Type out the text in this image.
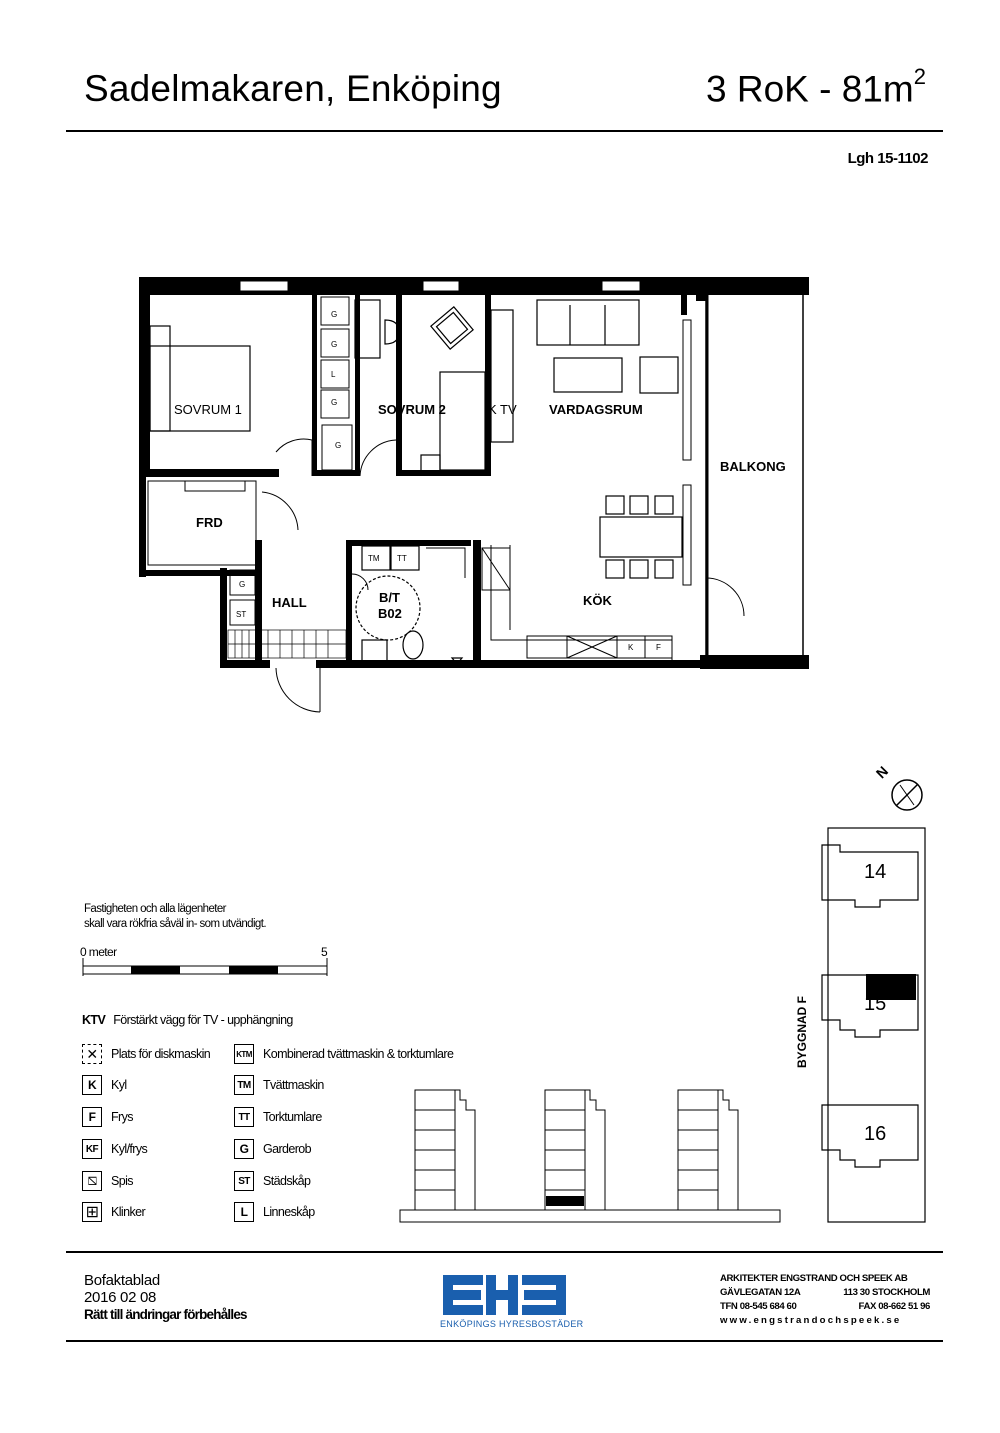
Sadelmakaren, Enköping	3 RoK - $81m^2$
Lgh 15-1102
SOVRUM 1	SOVRUM 2	K TV VARDAGSRUM
BALKONG
FRD
HALL	B/T
B02
KÖK
G
G
L
G
G
G
ST
TM TT
K	F
N
14
15
16
BYGGNAD F
Fastigheten och alla lägenheter
skall vara rökfria såväl in- som utvändigt.
0 meter	5
KTV Förstärkt vägg för TV - upphängning
✕	Plats för diskmaskin	KTM Kombinerad tvättmaskin & torktumlare
K	Kyl	TM Tvättmaskin
F	Frys	TT	Torktumlare
KF	Kyl/frys	G	Garderob
⧅	Spis	ST	Städskåp
⊞ Klinker	L	Linneskåp
Bofaktablad
2016 02 08
Rätt till ändringar förbehålles
ENKÖPINGS HYRESBOSTÄDER
ARKITEKTER ENGSTRAND OCH SPEEK AB
GÄVLEGATAN 12A	113 30 STOCKHOLM
TFN 08-545 684 60	FAX 08-662 51 96
www.engstrandochspeek.se
